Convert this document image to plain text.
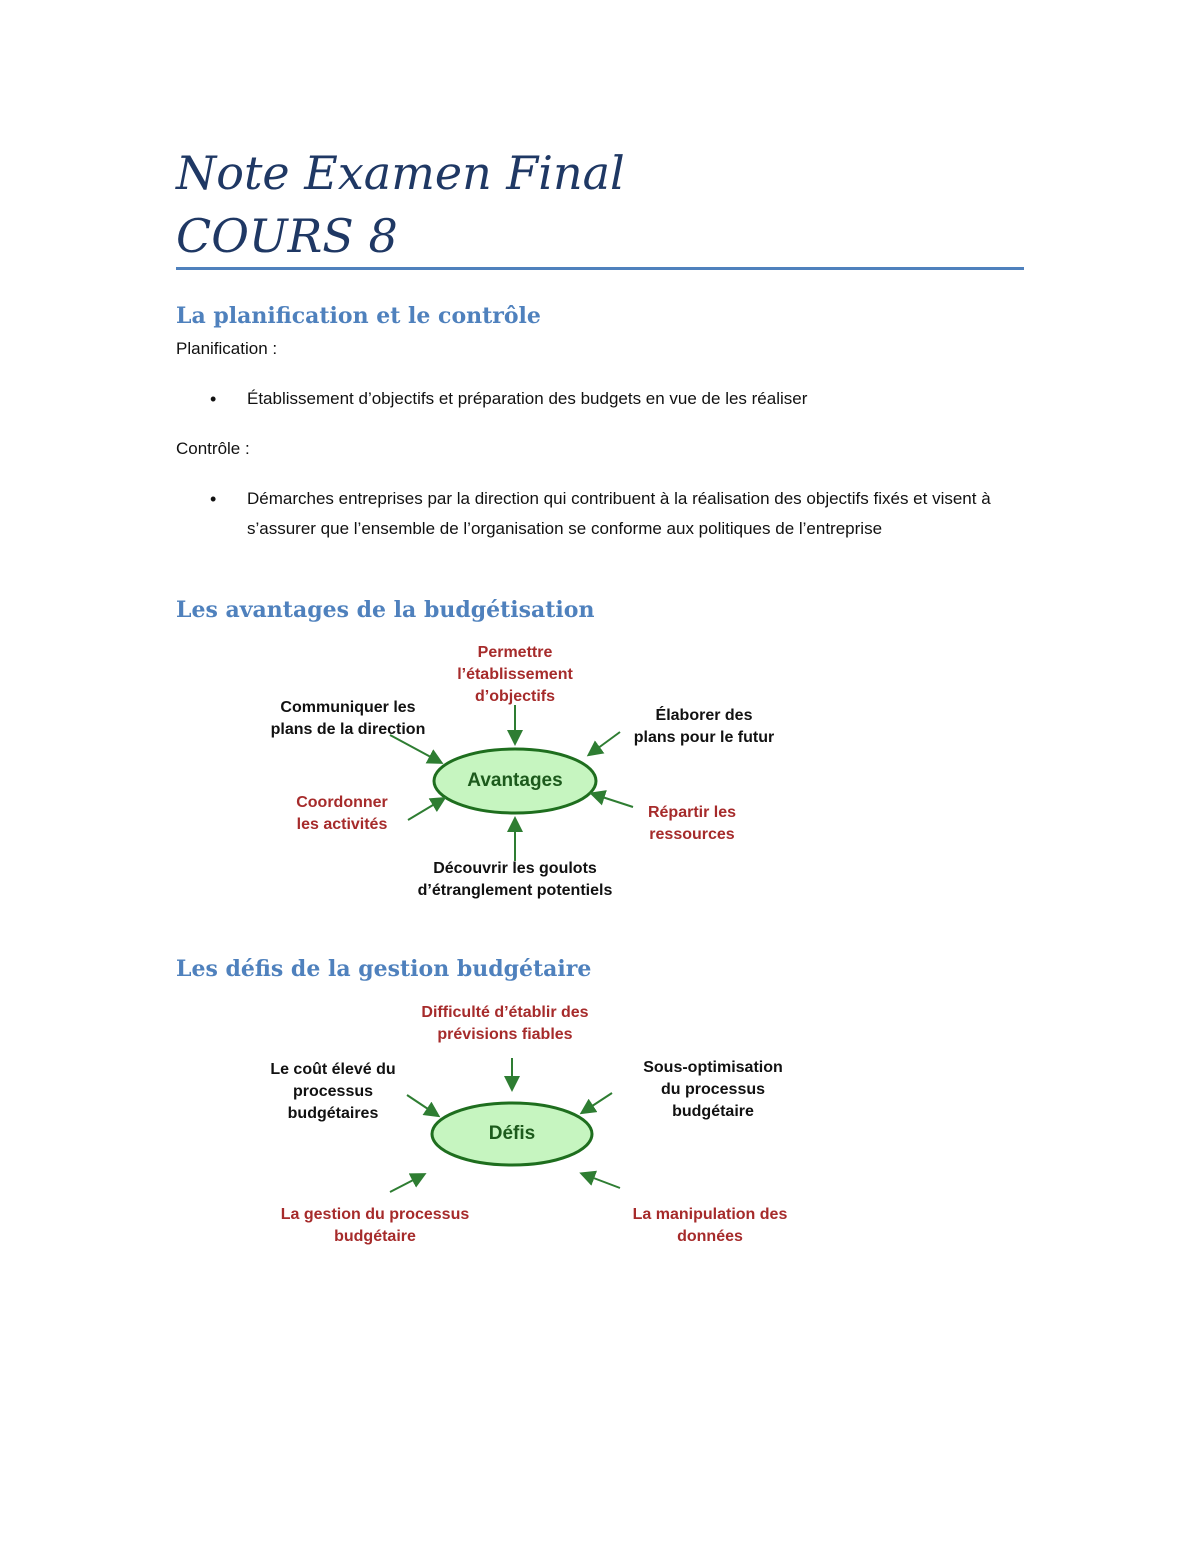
Note Examen Final
COURS 8
La planification et le contrôle
Planification :
• Établissement d’objectifs et préparation des budgets en vue de les réaliser
Contrôle :
• Démarches entreprises par la direction qui contribuent à la réalisation des objectifs fixés et visent à s’assurer que l’ensemble de l’organisation se conforme aux politiques de l’entreprise
Les avantages de la budgétisation
Avantages
Permettre
l’établissement
d’objectifs
Communiquer les
plans de la direction
Élaborer des
plans pour le futur
Coordonner
les activités
Répartir les
ressources
Découvrir les goulots
d’étranglement potentiels
Les défis de la gestion budgétaire
Défis
Difficulté d’établir des
prévisions fiables
Le coût élevé du
processus
budgétaires
Sous-optimisation
du processus
budgétaire
La gestion du processus
budgétaire
La manipulation des
données
